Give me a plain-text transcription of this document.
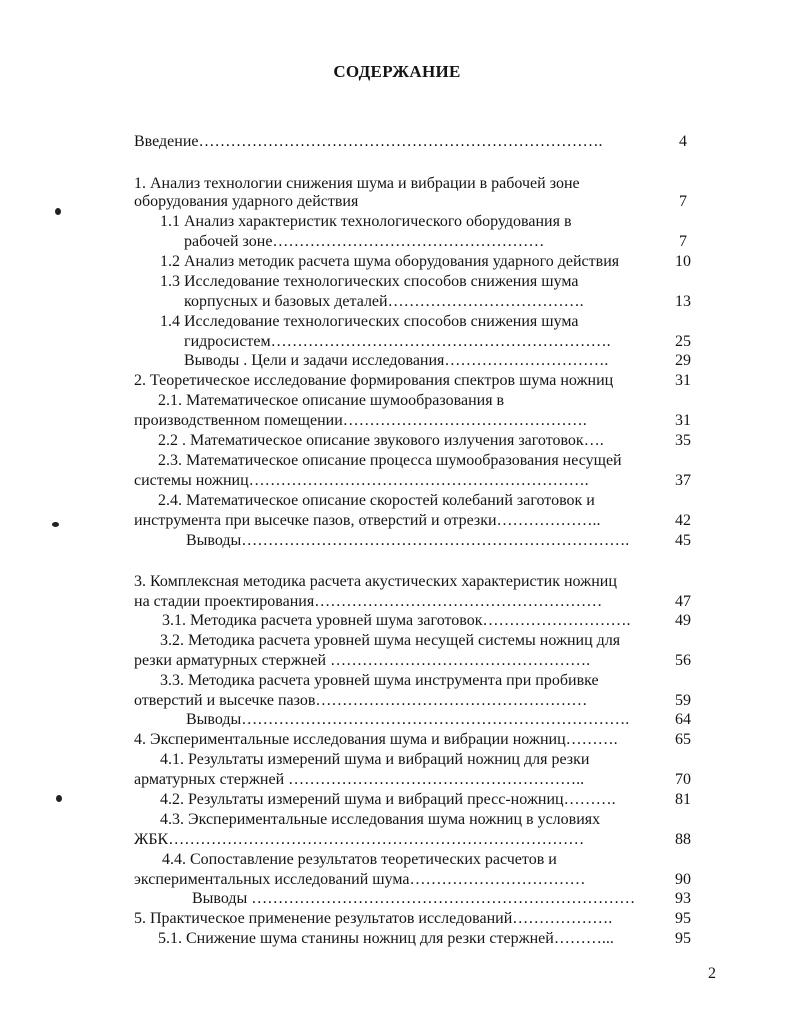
СОДЕРЖАНИЕ
Введение………………………………………………………………….	4
1. Анализ технологии снижения шума и вибрации в рабочей зоне
оборудования ударного действия	7
1.1 Анализ характеристик технологического оборудования в
рабочей зоне……………………………………………	7
1.2 Анализ методик расчета шума оборудования ударного действия	10
1.3 Исследование технологических способов снижения шума
корпусных и базовых деталей……………………………….	13
1.4 Исследование технологических способов снижения шума
гидросистем……………………………………………………….	25
Выводы . Цели и задачи исследования………………………….	29
2. Теоретическое исследование формирования спектров шума ножниц	31
2.1. Математическое описание шумообразования в
производственном помещении……………………………………….	31
2.2 . Математическое описание звукового излучения заготовок….	35
2.3. Математическое описание процесса шумообразования несущей
системы ножниц……………………………………………………….	37
2.4. Математическое описание скоростей колебаний заготовок и
инструмента при высечке пазов, отверстий и отрезки………………..	42
Выводы……………………………………………………………….	45
3. Комплексная методика расчета акустических характеристик ножниц
на стадии проектирования………………………………………………	47
3.1. Методика расчета уровней шума заготовок……………………….	49
3.2. Методика расчета уровней шума несущей системы ножниц для
резки арматурных стержней ………………………………………….	56
3.3. Методика расчета уровней шума инструмента при пробивке
отверстий и высечке пазов……………………………………………	59
Выводы……………………………………………………………….	64
4. Экспериментальные исследования шума и вибрации ножниц……….	65
4.1. Результаты измерений шума и вибраций ножниц для резки
арматурных стержней ………………………………………………..	70
4.2. Результаты измерений шума и вибраций пресс-ножниц……….	81
4.3. Экспериментальные исследования шума ножниц в условиях
ЖБК……………………………………………………………………	88
4.4. Сопоставление результатов теоретических расчетов и
экспериментальных исследований шума……………………………	90
Выводы ………………………………………………………………	93
5. Практическое применение результатов исследований……………….	95
5.1. Снижение шума станины ножниц для резки стержней………...	95
2
